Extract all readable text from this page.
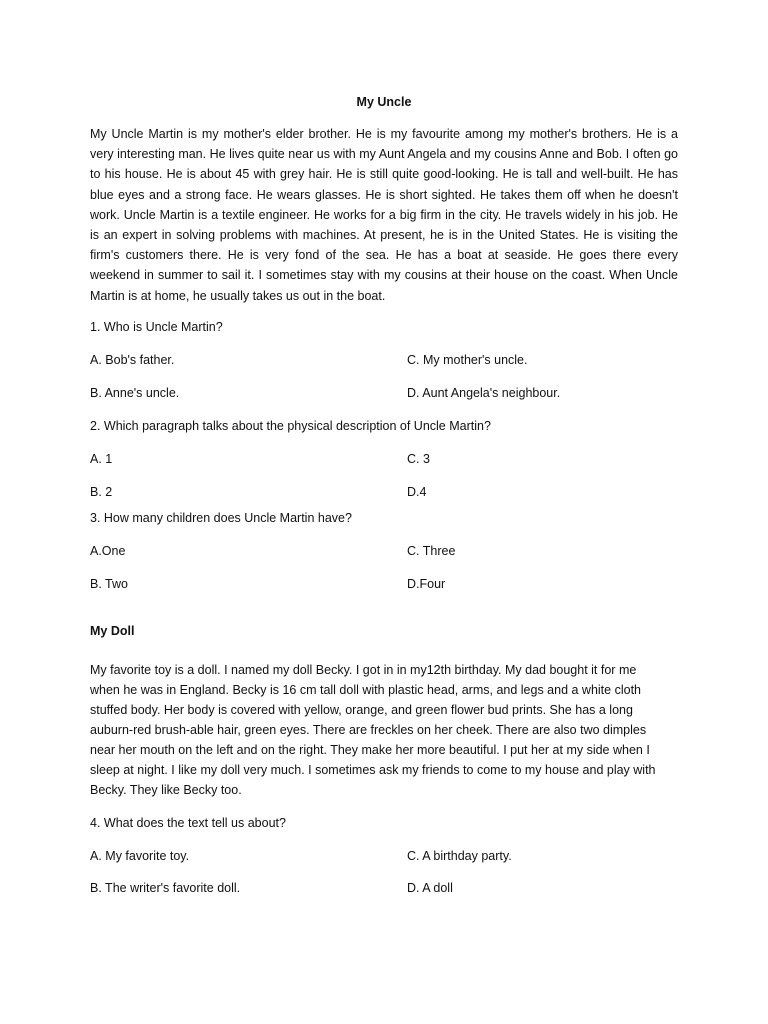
My Uncle

My Uncle Martin is my mother's elder brother. He is my favourite among my mother's brothers. He is a very interesting man. He lives quite near us with my Aunt Angela and my cousins Anne and Bob. I often go to his house. He is about 45 with grey hair. He is still quite good-looking. He is tall and well-built. He has blue eyes and a strong face. He wears glasses. He is short sighted. He takes them off when he doesn't work. Uncle Martin is a textile engineer. He works for a big firm in the city. He travels widely in his job. He is an expert in solving problems with machines. At present, he is in the United States. He is visiting the firm's customers there. He is very fond of the sea. He has a boat at seaside. He goes there every weekend in summer to sail it. I sometimes stay with my cousins at their house on the coast. When Uncle Martin is at home, he usually takes us out in the boat.

1. Who is Uncle Martin?
A. Bob's father.	C. My mother's uncle.
B. Anne's uncle.	D. Aunt Angela's neighbour.
2. Which paragraph talks about the physical description of Uncle Martin?
A. 1	C. 3
B. 2	D.4
3. How many children does Uncle Martin have?
A.One	C. Three
B. Two	D.Four
My Doll
My favorite toy is a doll. I named my doll Becky. I got in in my12th birthday. My dad bought it for me
when he was in England. Becky is 16 cm tall doll with plastic head, arms, and legs and a white cloth
stuffed body. Her body is covered with yellow, orange, and green flower bud prints. She has a long
auburn-red brush-able hair, green eyes. There are freckles on her cheek. There are also two dimples
near her mouth on the left and on the right. They make her more beautiful. I put her at my side when I
sleep at night. I like my doll very much. I sometimes ask my friends to come to my house and play with
Becky. They like Becky too.
4. What does the text tell us about?
A. My favorite toy.	C. A birthday party.
B. The writer's favorite doll.	D. A doll
